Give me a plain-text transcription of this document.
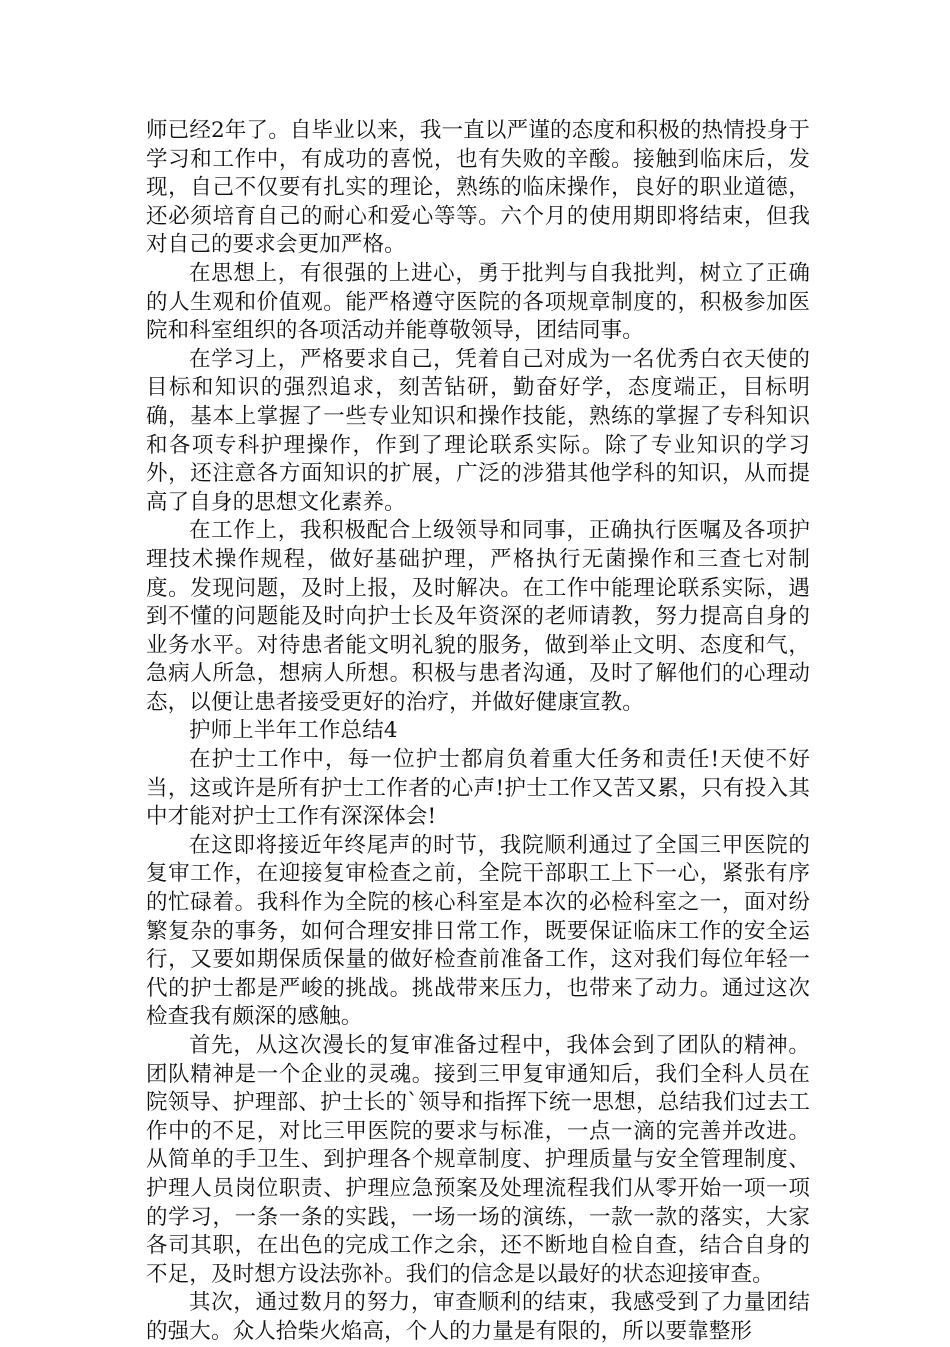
师已经2年了。自毕业以来，我一直以严谨的态度和积极的热情投身于学习和工作中，有成功的喜悦，也有失败的辛酸。接触到临床后，发现，自己不仅要有扎实的理论，熟练的临床操作，良好的职业道德，还必须培育自己的耐心和爱心等等。六个月的使用期即将结束，但我对自己的要求会更加严格。

在思想上，有很强的上进心，勇于批判与自我批判，树立了正确的人生观和价值观。能严格遵守医院的各项规章制度的，积极参加医院和科室组织的各项活动并能尊敬领导，团结同事。

在学习上，严格要求自己，凭着自己对成为一名优秀白衣天使的目标和知识的强烈追求，刻苦钻研，勤奋好学，态度端正，目标明确，基本上掌握了一些专业知识和操作技能，熟练的掌握了专科知识和各项专科护理操作，作到了理论联系实际。除了专业知识的学习外，还注意各方面知识的扩展，广泛的涉猎其他学科的知识，从而提高了自身的思想文化素养。

在工作上，我积极配合上级领导和同事，正确执行医嘱及各项护理技术操作规程，做好基础护理，严格执行无菌操作和三查七对制度。发现问题，及时上报，及时解决。在工作中能理论联系实际，遇到不懂的问题能及时向护士长及年资深的老师请教，努力提高自身的业务水平。对待患者能文明礼貌的服务，做到举止文明、态度和气，急病人所急，想病人所想。积极与患者沟通，及时了解他们的心理动态，以便让患者接受更好的治疗，并做好健康宣教。

护师上半年工作总结4

在护士工作中，每一位护士都肩负着重大任务和责任!天使不好当，这或许是所有护士工作者的心声!护士工作又苦又累，只有投入其中才能对护士工作有深深体会!

在这即将接近年终尾声的时节，我院顺利通过了全国三甲医院的复审工作，在迎接复审检查之前，全院干部职工上下一心，紧张有序的忙碌着。我科作为全院的核心科室是本次的必检科室之一，面对纷繁复杂的事务，如何合理安排日常工作，既要保证临床工作的安全运行，又要如期保质保量的做好检查前准备工作，这对我们每位年轻一代的护士都是严峻的挑战。挑战带来压力，也带来了动力。通过这次检查我有颇深的感触。

首先，从这次漫长的复审准备过程中，我体会到了团队的精神。团队精神是一个企业的灵魂。接到三甲复审通知后，我们全科人员在院领导、护理部、护士长的`领导和指挥下统一思想，总结我们过去工作中的不足，对比三甲医院的要求与标准，一点一滴的完善并改进。从简单的手卫生、到护理各个规章制度、护理质量与安全管理制度、护理人员岗位职责、护理应急预案及处理流程我们从零开始一项一项的学习，一条一条的实践，一场一场的演练，一款一款的落实，大家各司其职，在出色的完成工作之余，还不断地自检自查，结合自身的不足，及时想方设法弥补。我们的信念是以最好的状态迎接审查。

其次，通过数月的努力，审查顺利的结束，我感受到了力量团结的强大。众人拾柴火焰高，个人的力量是有限的，所以要靠整形
